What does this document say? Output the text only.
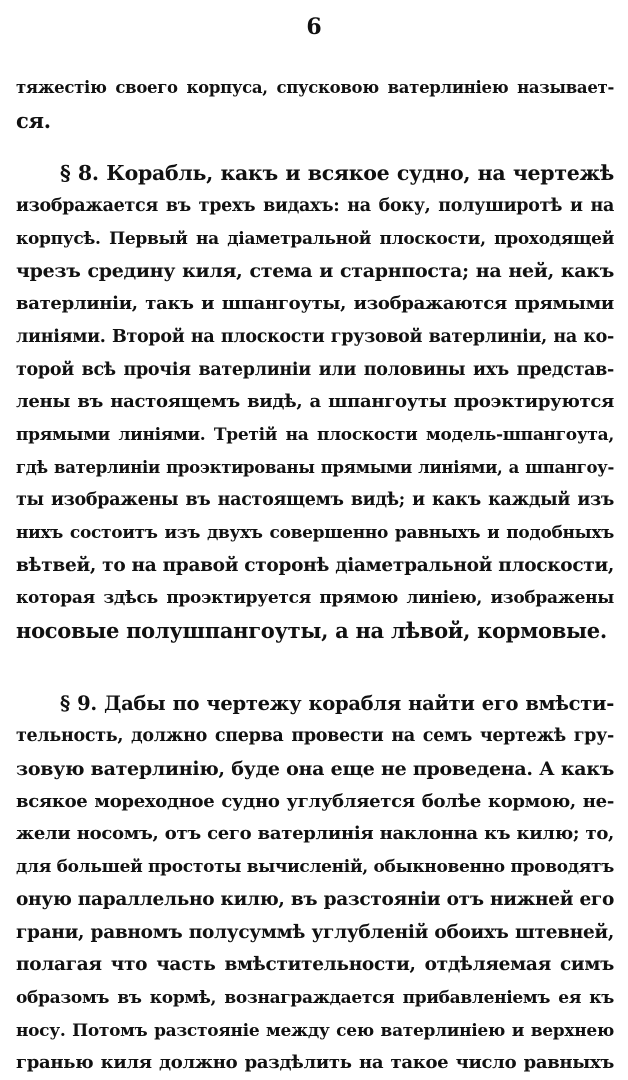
6
тяжестію своего корпуса, спусковою ватерлиніею называет-
ся.
§ 8. Корабль, какъ и всякое судно, на чертежѣ
изображается въ трехъ видахъ: на боку, полуширотѣ и на
корпусѣ. Первый на діаметральной плоскости, проходящей
чрезъ средину киля, стема и старнпоста; на ней, какъ
ватерлиніи, такъ и шпангоуты, изображаются прямыми
линіями. Второй на плоскости грузовой ватерлиніи, на ко-
торой всѣ прочія ватерлиніи или половины ихъ представ-
лены въ настоящемъ видѣ, а шпангоуты проэктируются
прямыми линіями. Третій на плоскости модель-шпангоута,
гдѣ ватерлиніи проэктированы прямыми линіями, а шпангоу-
ты изображены въ настоящемъ видѣ; и какъ каждый изъ
нихъ состоитъ изъ двухъ совершенно равныхъ и подобныхъ
вѣтвей, то на правой сторонѣ діаметральной плоскости,
которая здѣсь проэктируется прямою линіею, изображены
носовые полушпангоуты, а на лѣвой, кормовые.
§ 9. Дабы по чертежу корабля найти его вмѣсти-
тельность, должно сперва провести на семъ чертежѣ гру-
зовую ватерлинію, буде она еще не проведена. А какъ
всякое мореходное судно углубляется болѣе кормою, не-
жели носомъ, отъ сего ватерлинія наклонна къ килю; то,
для большей простоты вычисленій, обыкновенно проводятъ
оную параллельно килю, въ разстояніи отъ нижней его
грани, равномъ полусуммѣ углубленій обоихъ штевней,
полагая что часть вмѣстительности, отдѣляемая симъ
образомъ въ кормѣ, вознаграждается прибавленіемъ ея къ
носу. Потомъ разстояніе между сею ватерлиніею и верхнею
гранью киля должно раздѣлить на такое число равныхъ
